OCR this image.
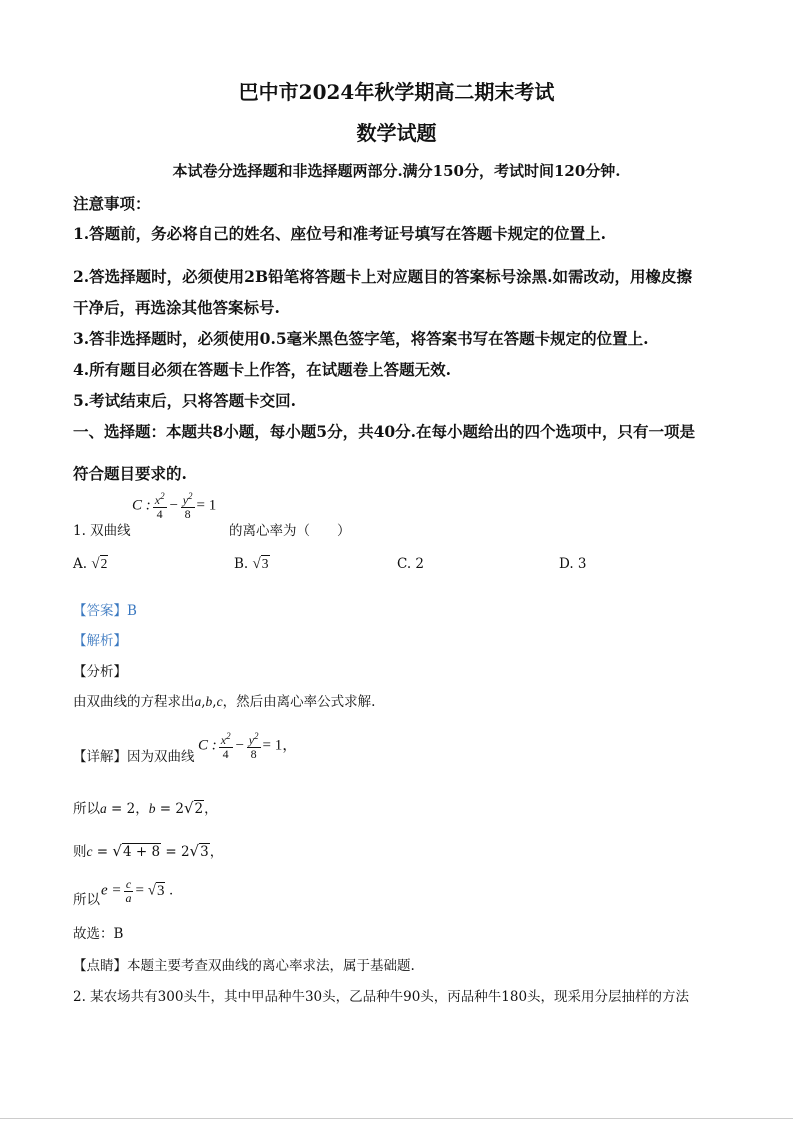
巴中市2024年秋学期高二期末考试
数学试题
本试卷分选择题和非选择题两部分.满分150分，考试时间120分钟.
注意事项：
1.答题前，务必将自己的姓名、座位号和准考证号填写在答题卡规定的位置上.
2.答选择题时，必须使用2B铅笔将答题卡上对应题目的答案标号涂黑.如需改动，用橡皮擦
干净后，再选涂其他答案标号.
3.答非选择题时，必须使用0.5毫米黑色签字笔，将答案书写在答题卡规定的位置上.
4.所有题目必须在答题卡上作答，在试题卷上答题无效.
5.考试结束后，只将答题卡交回.
一、选择题：本题共8小题，每小题5分，共40分.在每小题给出的四个选项中，只有一项是
符合题目要求的.
1. 双曲线
C : $\frac{x^2}{4} - \frac{y^2}{8} = 1$
的离心率为（　　）
A. √2	B. √3	C. 2	D. 3
【答案】B
【解析】
【分析】
由双曲线的方程求出a,b,c，然后由离心率公式求解.
【详解】因为双曲线
C : $\frac{x^2}{4} - \frac{y^2}{8} = 1$，
所以a = 2，b = 2√2，
则c = √4 + 8 = 2√3，
所以
$e = \frac{c}{a} = √3$ .
故选：B
【点睛】本题主要考查双曲线的离心率求法，属于基础题.
2. 某农场共有300头牛，其中甲品种牛30头，乙品种牛90头，丙品种牛180头，现采用分层抽样的方法
